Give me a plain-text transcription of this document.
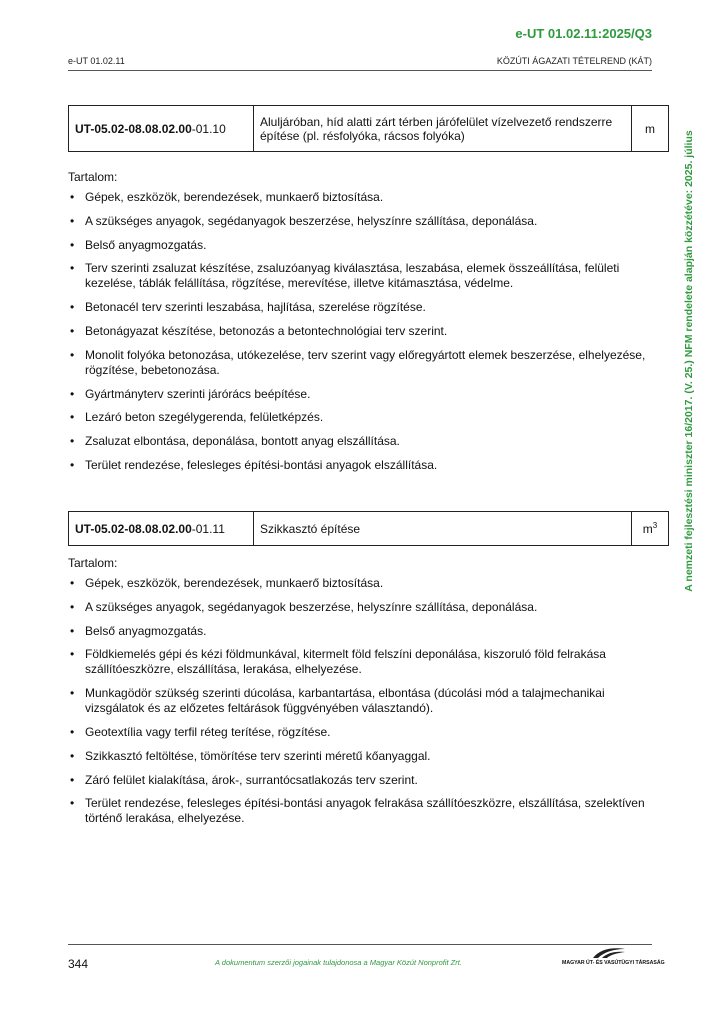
e-UT 01.02.11:2025/Q3
e-UT 01.02.11	KÖZÚTI ÁGAZATI TÉTELREND (KÁT)
UT-05.02-08.08.02.00-01.10	Aluljáróban, híd alatti zárt térben járófelület vízelvezető rendszerre építése (pl. résfolyóka, rácsos folyóka)	m

Tartalom:

• Gépek, eszközök, berendezések, munkaerő biztosítása.
• A szükséges anyagok, segédanyagok beszerzése, helyszínre szállítása, deponálása.
• Belső anyagmozgatás.
• Terv szerinti zsaluzat készítése, zsaluzóanyag kiválasztása, leszabása, elemek összeállítása, felületi kezelése, táblák felállítása, rögzítése, merevítése, illetve kitámasztása, védelme.
• Betonacél terv szerinti leszabása, hajlítása, szerelése rögzítése.
• Betonágyazat készítése, betonozás a betontechnológiai terv szerint.
• Monolit folyóka betonozása, utókezelése, terv szerint vagy előregyártott elemek beszerzése, elhelyezése, rögzítése, bebetonozása.
• Gyártmányterv szerinti járórács beépítése.
• Lezáró beton szegélygerenda, felületképzés.
• Zsaluzat elbontása, deponálása, bontott anyag elszállítása.
• Terület rendezése, felesleges építési-bontási anyagok elszállítása.
UT-05.02-08.08.02.00-01.11	Szikkasztó építése	$m^3$

Tartalom:

• Gépek, eszközök, berendezések, munkaerő biztosítása.
• A szükséges anyagok, segédanyagok beszerzése, helyszínre szállítása, deponálása.
• Belső anyagmozgatás.
• Földkiemelés gépi és kézi földmunkával, kitermelt föld felszíni deponálása, kiszoruló föld felrakása szállítóeszközre, elszállítása, lerakása, elhelyezése.
• Munkagödör szükség szerinti dúcolása, karbantartása, elbontása (dúcolási mód a talajmechanikai vizsgálatok és az előzetes feltárások függvényében választandó).
• Geotextília vagy terfil réteg terítése, rögzítése.
• Szikkasztó feltöltése, tömörítése terv szerinti méretű kőanyaggal.
• Záró felület kialakítása, árok-, surrantócsatlakozás terv szerint.
• Terület rendezése, felesleges építési-bontási anyagok felrakása szállítóeszközre, elszállítása, szelektíven történő lerakása, elhelyezése.
A nemzeti fejlesztési miniszter 16/2017. (V. 25.) NFM rendelete alapján közzétéve: 2025. július
344	A dokumentum szerzői jogainak tulajdonosa a Magyar Közút Nonprofit Zrt.	MAGYAR ÚT- ÉS VASÚTÜGYI TÁRSASÁG
